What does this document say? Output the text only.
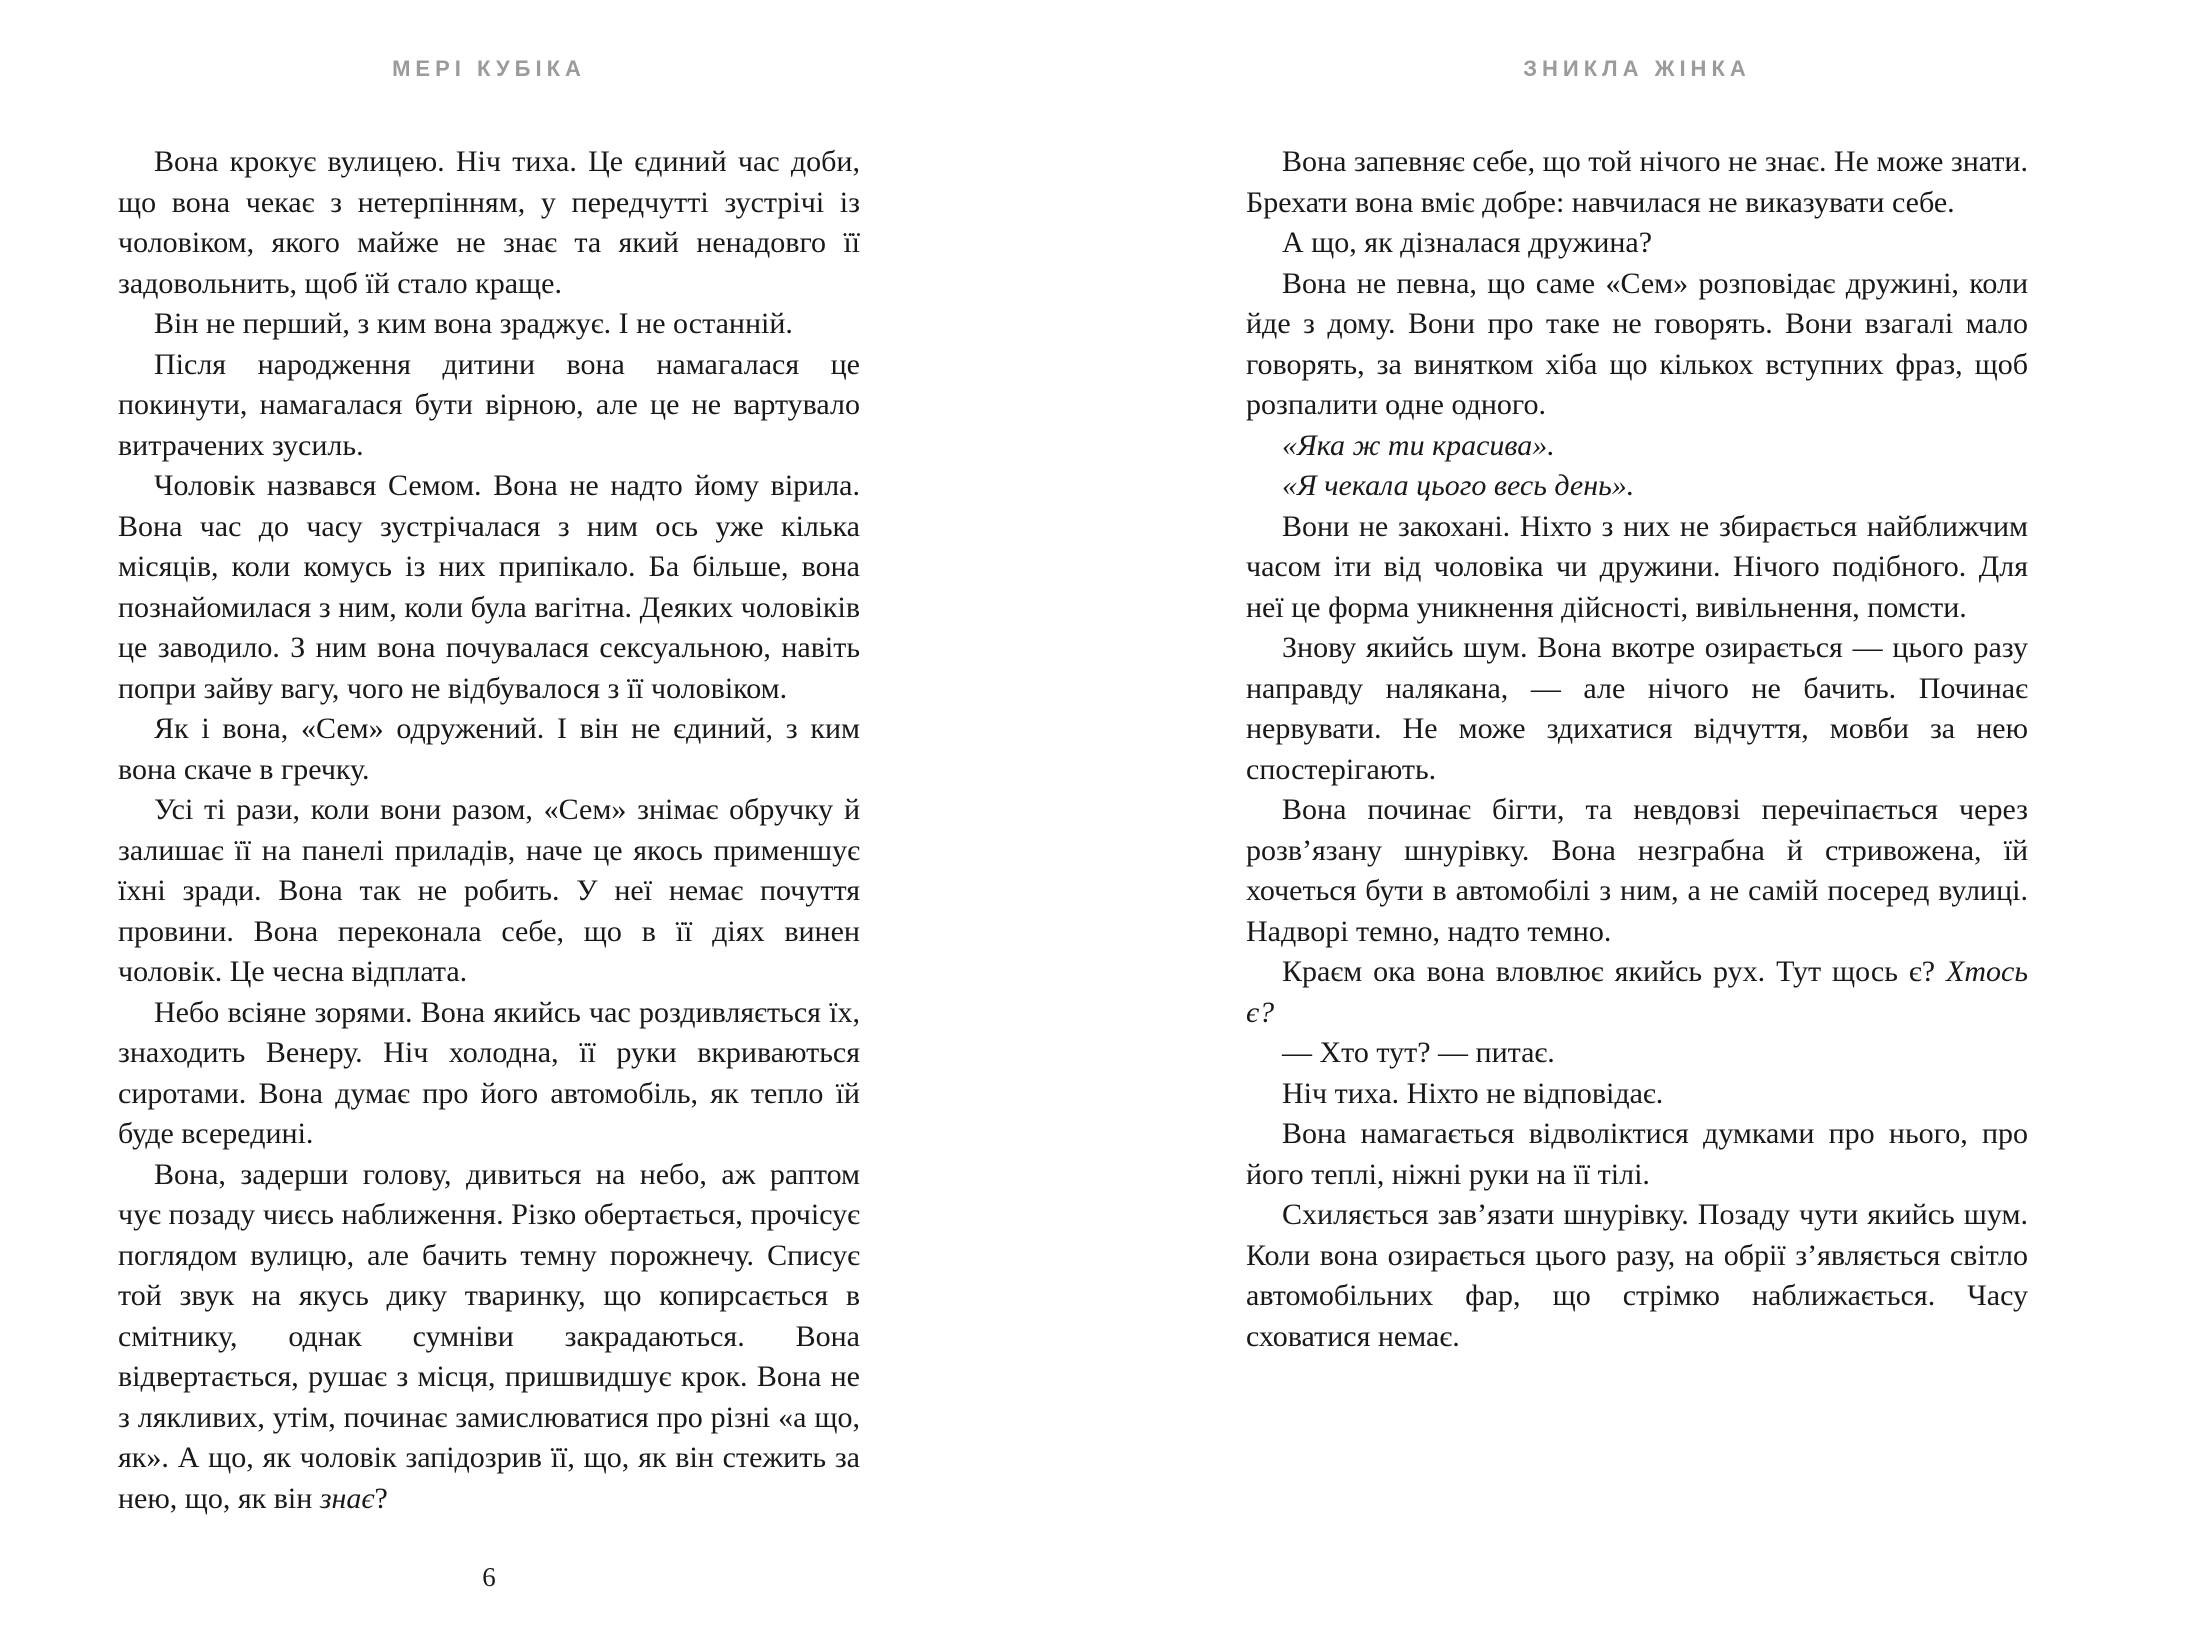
МЕРІ КУБІКА

Вона крокує вулицею. Ніч тиха. Це єдиний час доби, що вона чекає з нетерпінням, у передчутті зустрічі із чоловіком, якого майже не знає та який ненадовго її задовольнить, щоб їй стало краще.

Він не перший, з ким вона зраджує. І не останній.

Після народження дитини вона намагалася це покинути, намагалася бути вірною, але це не вартувало витрачених зусиль.

Чоловік назвався Семом. Вона не надто йому вірила. Вона час до часу зустрічалася з ним ось уже кілька місяців, коли комусь із них припікало. Ба більше, вона познайомилася з ним, коли була вагітна. Деяких чоловіків це заводило. З ним вона почувалася сексуальною, навіть попри зайву вагу, чого не відбувалося з її чоловіком.

Як і вона, «Сем» одружений. І він не єдиний, з ким вона скаче в гречку.

Усі ті рази, коли вони разом, «Сем» знімає обручку й залишає її на панелі приладів, наче це якось применшує їхні зради. Вона так не робить. У неї немає почуття провини. Вона переконала себе, що в її діях винен чоловік. Це чесна відплата.

Небо всіяне зорями. Вона якийсь час роздивляється їх, знаходить Венеру. Ніч холодна, її руки вкриваються сиротами. Вона думає про його автомобіль, як тепло їй буде всередині.

Вона, задерши голову, дивиться на небо, аж раптом чує позаду чиєсь наближення. Різко обертається, прочісує поглядом вулицю, але бачить темну порожнечу. Списує той звук на якусь дику тваринку, що копирсається в смітнику, однак сумніви закрадаються. Вона відвертається, рушає з місця, пришвидшує крок. Вона не з лякливих, утім, починає замислюватися про різні «а що, як». А що, як чоловік запідозрив її, що, як він стежить за нею, що, як він знає?

6
ЗНИКЛА ЖІНКА

Вона запевняє себе, що той нічого не знає. Не може знати. Брехати вона вміє добре: навчилася не виказувати себе.

А що, як дізналася дружина?

Вона не певна, що саме «Сем» розповідає дружині, коли йде з дому. Вони про таке не говорять. Вони взагалі мало говорять, за винятком хіба що кількох вступних фраз, щоб розпалити одне одного.

«Яка ж ти красива».

«Я чекала цього весь день».

Вони не закохані. Ніхто з них не збирається найближчим часом іти від чоловіка чи дружини. Нічого подібного. Для неї це форма уникнення дійсності, вивільнення, помсти.

Знову якийсь шум. Вона вкотре озирається — цього разу направду налякана, — але нічого не бачить. Починає нервувати. Не може здихатися відчуття, мовби за нею спостерігають.

Вона починає бігти, та невдовзі перечіпається через розв’язану шнурівку. Вона незграбна й стривожена, їй хочеться бути в автомобілі з ним, а не самій посеред вулиці. Надворі темно, надто темно.

Краєм ока вона вловлює якийсь рух. Тут щось є? Хтось є?

— Хто тут? — питає.

Ніч тиха. Ніхто не відповідає.

Вона намагається відволіктися думками про нього, про його теплі, ніжні руки на її тілі.

Схиляється зав’язати шнурівку. Позаду чути якийсь шум. Коли вона озирається цього разу, на обрії з’являється світло автомобільних фар, що стрімко наближається. Часу сховатися немає.
